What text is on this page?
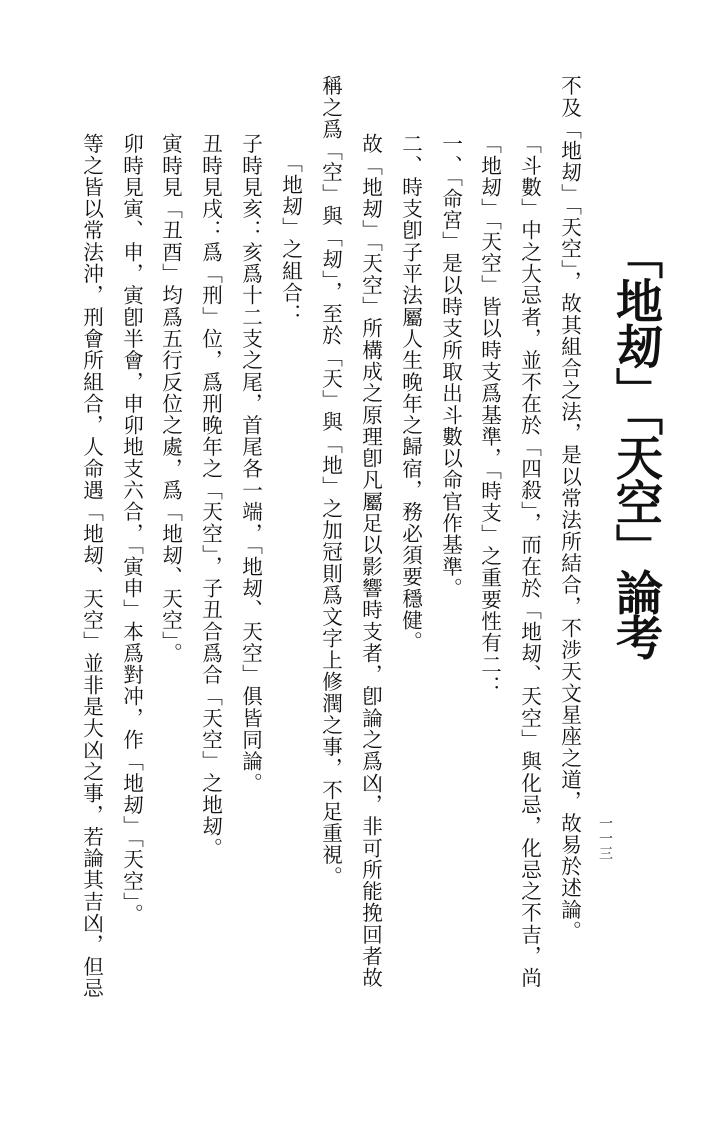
「地刼」「天空」論考
不及「地刼」「天空」，故其組合之法，是以常法所結合，不涉天文星座之道，故易於述論。
「斗數」中之大忌者，並不在於「四殺」，而在於「地刼、天空」與化忌，化忌之不吉，尚
「地刼」「天空」皆以時支爲基準，「時支」之重要性有二：
一、「命宮」是以時支所取出斗數以命官作基準。
二、時支卽子平法屬人生晚年之歸宿，務必須要穩健。
故「地刼」「天空」所構成之原理卽凡屬足以影響時支者，卽論之爲凶，非可所能挽回者故
稱之爲「空」與「刼」，至於「天」與「地」之加冠則爲文字上修潤之事，不足重視。
「地刼」之組合：
子時見亥：亥爲十二支之尾，首尾各一端，「地刼、天空」俱皆同論。
丑時見戌：爲「刑」位，爲刑晚年之「天空」，子丑合爲合「天空」之地刼。
寅時見「丑酉」均爲五行反位之處，爲「地刼、天空」。
卯時見寅、申，寅卽半會，申卯地支六合，「寅申」本爲對冲，作「地刼」「天空」。
等之皆以常法沖，刑會所組合，人命遇「地刼、天空」並非是大凶之事，若論其吉凶，但忌	一一三
